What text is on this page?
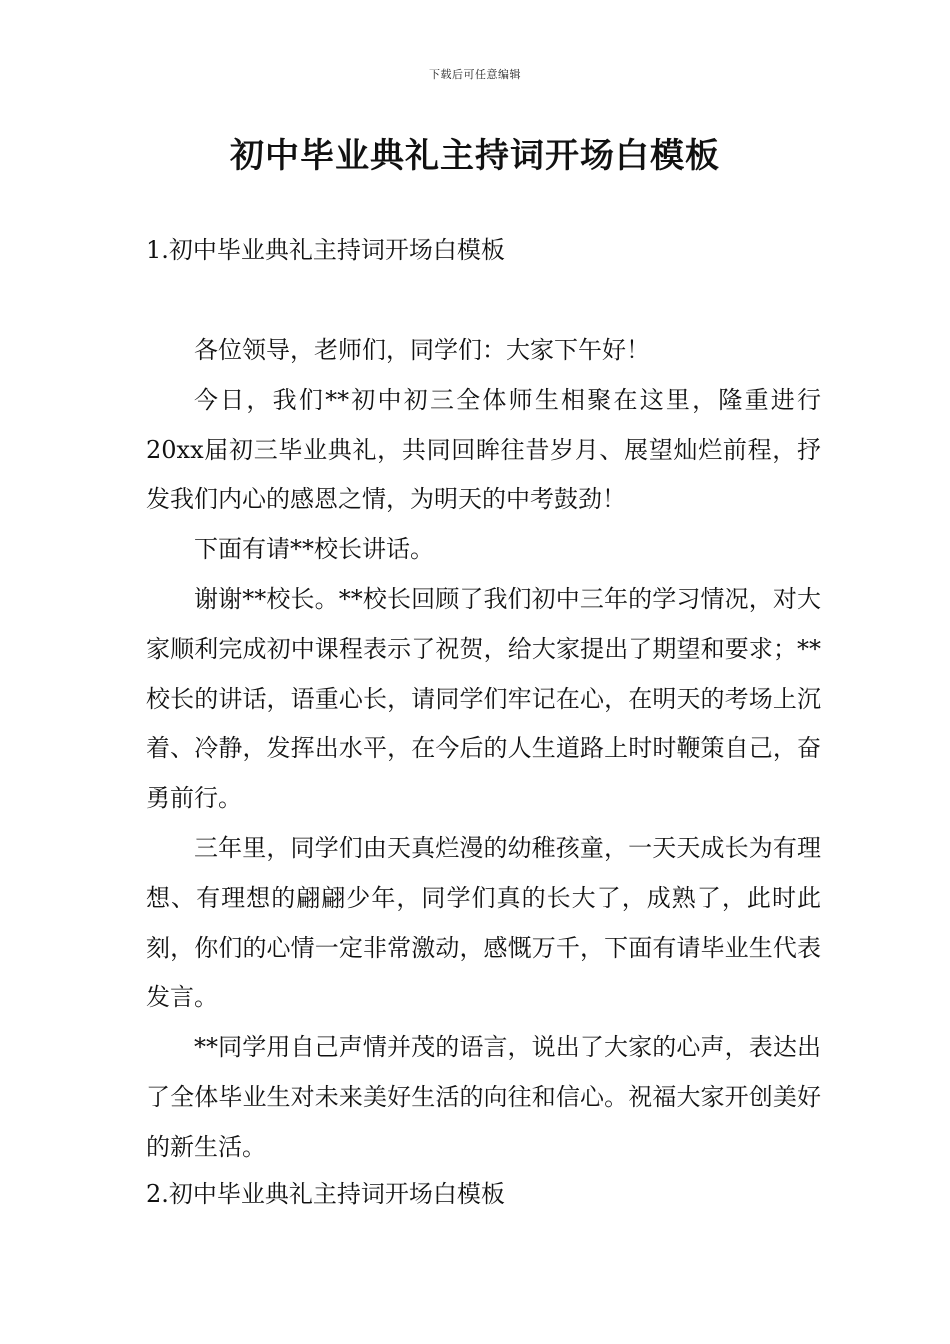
下载后可任意编辑
初中毕业典礼主持词开场白模板
1.初中毕业典礼主持词开场白模板

各位领导，老师们，同学们：大家下午好！

今日，我们**初中初三全体师生相聚在这里，隆重进行20xx届初三毕业典礼，共同回眸往昔岁月、展望灿烂前程，抒发我们内心的感恩之情，为明天的中考鼓劲！

下面有请**校长讲话。

谢谢**校长。**校长回顾了我们初中三年的学习情况，对大家顺利完成初中课程表示了祝贺，给大家提出了期望和要求；**校长的讲话，语重心长，请同学们牢记在心，在明天的考场上沉着、冷静，发挥出水平，在今后的人生道路上时时鞭策自己，奋勇前行。

三年里，同学们由天真烂漫的幼稚孩童，一天天成长为有理想、有理想的翩翩少年，同学们真的长大了，成熟了，此时此刻，你们的心情一定非常激动，感慨万千，下面有请毕业生代表发言。

**同学用自己声情并茂的语言，说出了大家的心声，表达出了全体毕业生对未来美好生活的向往和信心。祝福大家开创美好的新生活。

2.初中毕业典礼主持词开场白模板
